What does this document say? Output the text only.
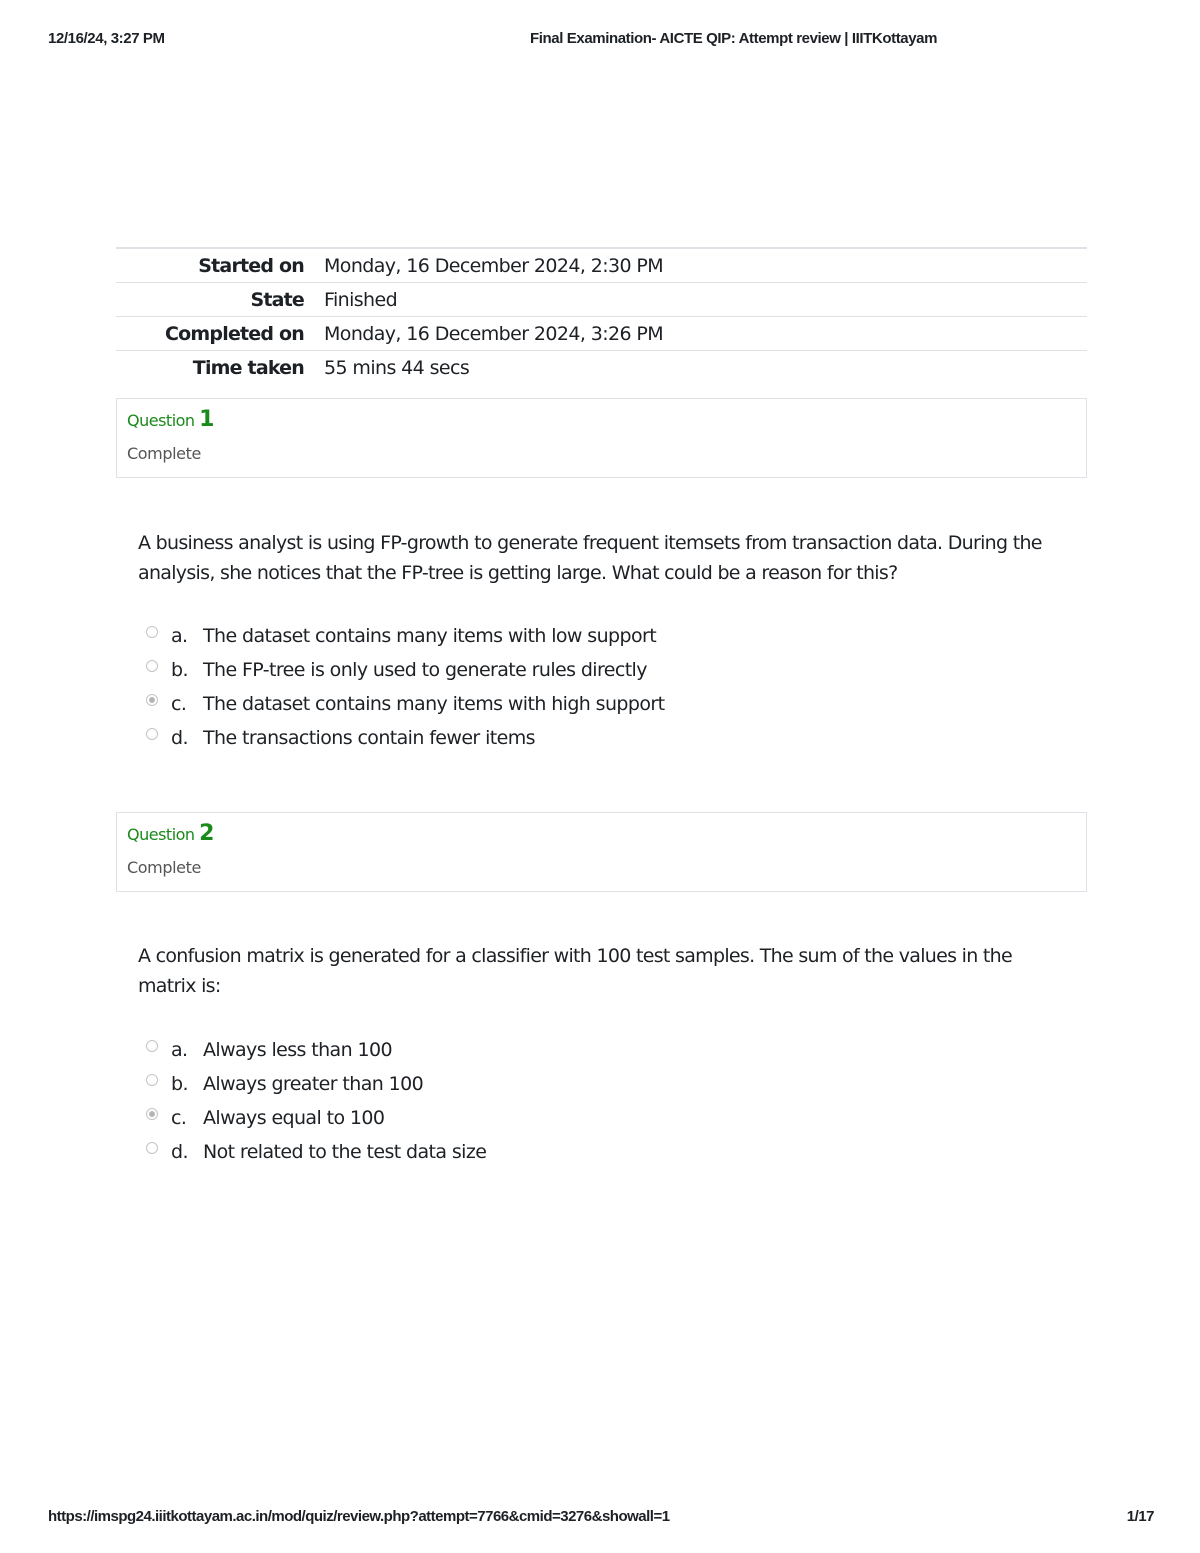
12/16/24, 3:27 PM	Final Examination- AICTE QIP: Attempt review | IIITKottayam
Started on	Monday, 16 December 2024, 2:30 PM
State	Finished
Completed on	Monday, 16 December 2024, 3:26 PM
Time taken	55 mins 44 secs
Question 1
Complete
A business analyst is using FP-growth to generate frequent itemsets from transaction data. During the analysis, she notices that the FP-tree is getting large. What could be a reason for this?
a. The dataset contains many items with low support
b. The FP-tree is only used to generate rules directly
c. The dataset contains many items with high support
d. The transactions contain fewer items
Question 2
Complete
A confusion matrix is generated for a classifier with 100 test samples. The sum of the values in the matrix is:
a. Always less than 100
b. Always greater than 100
c. Always equal to 100
d. Not related to the test data size
https://imspg24.iiitkottayam.ac.in/mod/quiz/review.php?attempt=7766&cmid=3276&showall=1	1/17
